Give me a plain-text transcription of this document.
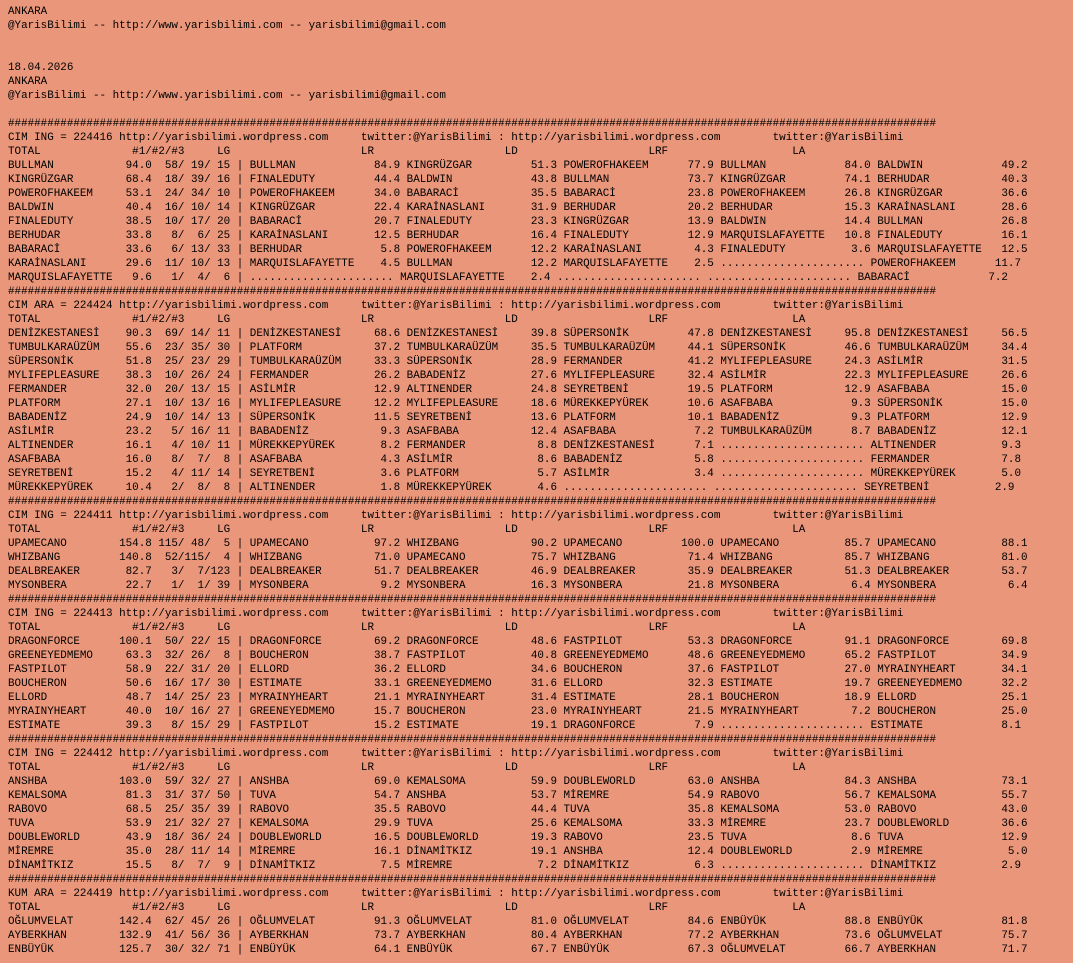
ANKARA
@YarisBilimi -- http://www.yarisbilimi.com -- yarisbilimi@gmail.com
18.04.2026
ANKARA
@YarisBilimi -- http://www.yarisbilimi.com -- yarisbilimi@gmail.com
##############################################################################################################################################
CIM ING = 224416 http://yarisbilimi.wordpress.com     twitter:@YarisBilimi : http://yarisbilimi.wordpress.com        twitter:@YarisBilimi
TOTAL              #1/#2/#3     LG                    LR                    LD                    LRF                   LA
BULLMAN           94.0  58/ 19/ 15 | BULLMAN            84.9 KINGRÜZGAR         51.3 POWEROFHAKEEM      77.9 BULLMAN            84.0 BALDWIN            49.2
KINGRÜZGAR        68.4  18/ 39/ 16 | FINALEDUTY         44.4 BALDWIN            43.8 BULLMAN            73.7 KINGRÜZGAR         74.1 BERHUDAR           40.3
POWEROFHAKEEM     53.1  24/ 34/ 10 | POWEROFHAKEEM      34.0 BABARACİ           35.5 BABARACİ           23.8 POWEROFHAKEEM      26.8 KINGRÜZGAR         36.6
BALDWIN           40.4  16/ 10/ 14 | KINGRÜZGAR         22.4 KARAİNASLANI       31.9 BERHUDAR           20.2 BERHUDAR           15.3 KARAİNASLANI       28.6
FINALEDUTY        38.5  10/ 17/ 20 | BABARACİ           20.7 FINALEDUTY         23.3 KINGRÜZGAR         13.9 BALDWIN            14.4 BULLMAN            26.8
BERHUDAR          33.8   8/  6/ 25 | KARAİNASLANI       12.5 BERHUDAR           16.4 FINALEDUTY         12.9 MARQUISLAFAYETTE   10.8 FINALEDUTY         16.1
BABARACİ          33.6   6/ 13/ 33 | BERHUDAR            5.8 POWEROFHAKEEM      12.2 KARAİNASLANI        4.3 FINALEDUTY          3.6 MARQUISLAFAYETTE   12.5
KARAİNASLANI      29.6  11/ 10/ 13 | MARQUISLAFAYETTE    4.5 BULLMAN            12.2 MARQUISLAFAYETTE    2.5 ...................... POWEROFHAKEEM      11.7
MARQUISLAFAYETTE   9.6   1/  4/  6 | ...................... MARQUISLAFAYETTE    2.4 ...................... ...................... BABARACİ            7.2
##############################################################################################################################################
CIM ARA = 224424 http://yarisbilimi.wordpress.com     twitter:@YarisBilimi : http://yarisbilimi.wordpress.com        twitter:@YarisBilimi
TOTAL              #1/#2/#3     LG                    LR                    LD                    LRF                   LA
DENİZKESTANESİ    90.3  69/ 14/ 11 | DENİZKESTANESİ     68.6 DENİZKESTANESİ     39.8 SÜPERSONİK         47.8 DENİZKESTANESİ     95.8 DENİZKESTANESİ     56.5
TUMBULKARAÜZÜM    55.6  23/ 35/ 30 | PLATFORM           37.2 TUMBULKARAÜZÜM     35.5 TUMBULKARAÜZÜM     44.1 SÜPERSONİK         46.6 TUMBULKARAÜZÜM     34.4
SÜPERSONİK        51.8  25/ 23/ 29 | TUMBULKARAÜZÜM     33.3 SÜPERSONİK         28.9 FERMANDER          41.2 MYLIFEPLEASURE     24.3 ASİLMİR            31.5
MYLIFEPLEASURE    38.3  10/ 26/ 24 | FERMANDER          26.2 BABADENİZ          27.6 MYLIFEPLEASURE     32.4 ASİLMİR            22.3 MYLIFEPLEASURE     26.6
FERMANDER         32.0  20/ 13/ 15 | ASİLMİR            12.9 ALTINENDER         24.8 SEYRETBENİ         19.5 PLATFORM           12.9 ASAFBABA           15.0
PLATFORM          27.1  10/ 13/ 16 | MYLIFEPLEASURE     12.2 MYLIFEPLEASURE     18.6 MÜREKKEPYÜREK      10.6 ASAFBABA            9.3 SÜPERSONİK         15.0
BABADENİZ         24.9  10/ 14/ 13 | SÜPERSONİK         11.5 SEYRETBENİ         13.6 PLATFORM           10.1 BABADENİZ           9.3 PLATFORM           12.9
ASİLMİR           23.2   5/ 16/ 11 | BABADENİZ           9.3 ASAFBABA           12.4 ASAFBABA            7.2 TUMBULKARAÜZÜM      8.7 BABADENİZ          12.1
ALTINENDER        16.1   4/ 10/ 11 | MÜREKKEPYÜREK       8.2 FERMANDER           8.8 DENİZKESTANESİ      7.1 ...................... ALTINENDER          9.3
ASAFBABA          16.0   8/  7/  8 | ASAFBABA            4.3 ASİLMİR             8.6 BABADENİZ           5.8 ...................... FERMANDER           7.8
SEYRETBENİ        15.2   4/ 11/ 14 | SEYRETBENİ          3.6 PLATFORM            5.7 ASİLMİR             3.4 ...................... MÜREKKEPYÜREK       5.0
MÜREKKEPYÜREK     10.4   2/  8/  8 | ALTINENDER          1.8 MÜREKKEPYÜREK       4.6 ...................... ...................... SEYRETBENİ          2.9
##############################################################################################################################################
CIM ING = 224411 http://yarisbilimi.wordpress.com     twitter:@YarisBilimi : http://yarisbilimi.wordpress.com        twitter:@YarisBilimi
TOTAL              #1/#2/#3     LG                    LR                    LD                    LRF                   LA
UPAMECANO        154.8 115/ 48/  5 | UPAMECANO          97.2 WHIZBANG           90.2 UPAMECANO         100.0 UPAMECANO          85.7 UPAMECANO          88.1
WHIZBANG         140.8  52/115/  4 | WHIZBANG           71.0 UPAMECANO          75.7 WHIZBANG           71.4 WHIZBANG           85.7 WHIZBANG           81.0
DEALBREAKER       82.7   3/  7/123 | DEALBREAKER        51.7 DEALBREAKER        46.9 DEALBREAKER        35.9 DEALBREAKER        51.3 DEALBREAKER        53.7
MYSONBERA         22.7   1/  1/ 39 | MYSONBERA           9.2 MYSONBERA          16.3 MYSONBERA          21.8 MYSONBERA           6.4 MYSONBERA           6.4
##############################################################################################################################################
CIM ING = 224413 http://yarisbilimi.wordpress.com     twitter:@YarisBilimi : http://yarisbilimi.wordpress.com        twitter:@YarisBilimi
TOTAL              #1/#2/#3     LG                    LR                    LD                    LRF                   LA
DRAGONFORCE      100.1  50/ 22/ 15 | DRAGONFORCE        69.2 DRAGONFORCE        48.6 FASTPILOT          53.3 DRAGONFORCE        91.1 DRAGONFORCE        69.8
GREENEYEDMEMO     63.3  32/ 26/  8 | BOUCHERON          38.7 FASTPILOT          40.8 GREENEYEDMEMO      48.6 GREENEYEDMEMO      65.2 FASTPILOT          34.9
FASTPILOT         58.9  22/ 31/ 20 | ELLORD             36.2 ELLORD             34.6 BOUCHERON          37.6 FASTPILOT          27.0 MYRAINYHEART       34.1
BOUCHERON         50.6  16/ 17/ 30 | ESTIMATE           33.1 GREENEYEDMEMO      31.6 ELLORD             32.3 ESTIMATE           19.7 GREENEYEDMEMO      32.2
ELLORD            48.7  14/ 25/ 23 | MYRAINYHEART       21.1 MYRAINYHEART       31.4 ESTIMATE           28.1 BOUCHERON          18.9 ELLORD             25.1
MYRAINYHEART      40.0  10/ 16/ 27 | GREENEYEDMEMO      15.7 BOUCHERON          23.0 MYRAINYHEART       21.5 MYRAINYHEART        7.2 BOUCHERON          25.0
ESTIMATE          39.3   8/ 15/ 29 | FASTPILOT          15.2 ESTIMATE           19.1 DRAGONFORCE         7.9 ...................... ESTIMATE            8.1
##############################################################################################################################################
CIM ING = 224412 http://yarisbilimi.wordpress.com     twitter:@YarisBilimi : http://yarisbilimi.wordpress.com        twitter:@YarisBilimi
TOTAL              #1/#2/#3     LG                    LR                    LD                    LRF                   LA
ANSHBA           103.0  59/ 32/ 27 | ANSHBA             69.0 KEMALSOMA          59.9 DOUBLEWORLD        63.0 ANSHBA             84.3 ANSHBA             73.1
KEMALSOMA         81.3  31/ 37/ 50 | TUVA               54.7 ANSHBA             53.7 MİREMRE            54.9 RABOVO             56.7 KEMALSOMA          55.7
RABOVO            68.5  25/ 35/ 39 | RABOVO             35.5 RABOVO             44.4 TUVA               35.8 KEMALSOMA          53.0 RABOVO             43.0
TUVA              53.9  21/ 32/ 27 | KEMALSOMA          29.9 TUVA               25.6 KEMALSOMA          33.3 MİREMRE            23.7 DOUBLEWORLD        36.6
DOUBLEWORLD       43.9  18/ 36/ 24 | DOUBLEWORLD        16.5 DOUBLEWORLD        19.3 RABOVO             23.5 TUVA                8.6 TUVA               12.9
MİREMRE           35.0  28/ 11/ 14 | MİREMRE            16.1 DİNAMİTKIZ         19.1 ANSHBA             12.4 DOUBLEWORLD         2.9 MİREMRE             5.0
DİNAMİTKIZ        15.5   8/  7/  9 | DİNAMİTKIZ          7.5 MİREMRE             7.2 DİNAMİTKIZ          6.3 ...................... DİNAMİTKIZ          2.9
##############################################################################################################################################
KUM ARA = 224419 http://yarisbilimi.wordpress.com     twitter:@YarisBilimi : http://yarisbilimi.wordpress.com        twitter:@YarisBilimi
TOTAL              #1/#2/#3     LG                    LR                    LD                    LRF                   LA
OĞLUMVELAT       142.4  62/ 45/ 26 | OĞLUMVELAT         91.3 OĞLUMVELAT         81.0 OĞLUMVELAT         84.6 ENBÜYÜK            88.8 ENBÜYÜK            81.8
AYBERKHAN        132.9  41/ 56/ 36 | AYBERKHAN          73.7 AYBERKHAN          80.4 AYBERKHAN          77.2 AYBERKHAN          73.6 OĞLUMVELAT         75.7
ENBÜYÜK          125.7  30/ 32/ 71 | ENBÜYÜK            64.1 ENBÜYÜK            67.7 ENBÜYÜK            67.3 OĞLUMVELAT         66.7 AYBERKHAN          71.7
